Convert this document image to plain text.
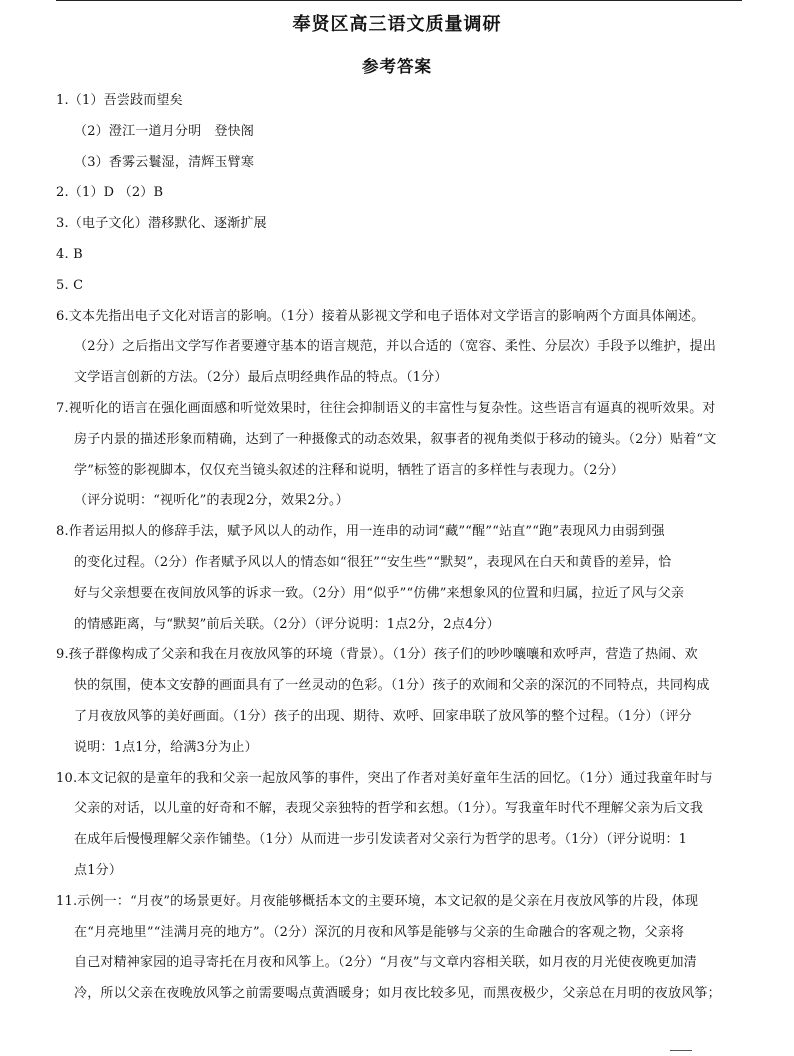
奉贤区高三语文质量调研
参考答案

1.（1）吾尝跂而望矣

（2）澄江一道月分明　登快阁

（3）香雾云鬟湿，清辉玉臂寒

2.（1）D （2）B

3.（电子文化）潜移默化、逐渐扩展

4. B

5. C

6.文本先指出电子文化对语言的影响。（1分）接着从影视文学和电子语体对文学语言的影响两个方面具体阐述。

（2分）之后指出文学写作者要遵守基本的语言规范，并以合适的（宽容、柔性、分层次）手段予以维护，提出

文学语言创新的方法。（2分）最后点明经典作品的特点。（1分）

7.视听化的语言在强化画面感和听觉效果时，往往会抑制语义的丰富性与复杂性。这些语言有逼真的视听效果。对

房子内景的描述形象而精确，达到了一种摄像式的动态效果，叙事者的视角类似于移动的镜头。（2分）贴着“文

学”标签的影视脚本，仅仅充当镜头叙述的注释和说明，牺牲了语言的多样性与表现力。（2分）

（评分说明：“视听化”的表现2分，效果2分。）

8.作者运用拟人的修辞手法，赋予风以人的动作，用一连串的动词“藏”“醒”“站直”“跑”表现风力由弱到强

的变化过程。（2分）作者赋予风以人的情态如“很狂”“安生些”“默契”，表现风在白天和黄昏的差异，恰

好与父亲想要在夜间放风筝的诉求一致。（2分）用“似乎”“仿佛”来想象风的位置和归属，拉近了风与父亲

的情感距离，与“默契”前后关联。（2分）（评分说明：1点2分，2点4分）

9.孩子群像构成了父亲和我在月夜放风筝的环境（背景）。（1分）孩子们的吵吵嚷嚷和欢呼声，营造了热闹、欢

快的氛围，使本文安静的画面具有了一丝灵动的色彩。（1分）孩子的欢闹和父亲的深沉的不同特点，共同构成

了月夜放风筝的美好画面。（1分）孩子的出现、期待、欢呼、回家串联了放风筝的整个过程。（1分）（评分

说明：1点1分，给满3分为止）

10.本文记叙的是童年的我和父亲一起放风筝的事件，突出了作者对美好童年生活的回忆。（1分）通过我童年时与

父亲的对话，以儿童的好奇和不解，表现父亲独特的哲学和玄想。（1分）。写我童年时代不理解父亲为后文我

在成年后慢慢理解父亲作铺垫。（1分）从而进一步引发读者对父亲行为哲学的思考。（1分）（评分说明：1

点1分）

11.示例一：“月夜”的场景更好。月夜能够概括本文的主要环境，本文记叙的是父亲在月夜放风筝的片段，体现

在“月亮地里”“洼满月亮的地方”。（2分）深沉的月夜和风筝是能够与父亲的生命融合的客观之物，父亲将

自己对精神家园的追寻寄托在月夜和风筝上。（2分）“月夜”与文章内容相关联，如月夜的月光使夜晚更加清

冷，所以父亲在夜晚放风筝之前需要喝点黄酒暖身；如月夜比较多见，而黑夜极少，父亲总在月明的夜放风筝；
